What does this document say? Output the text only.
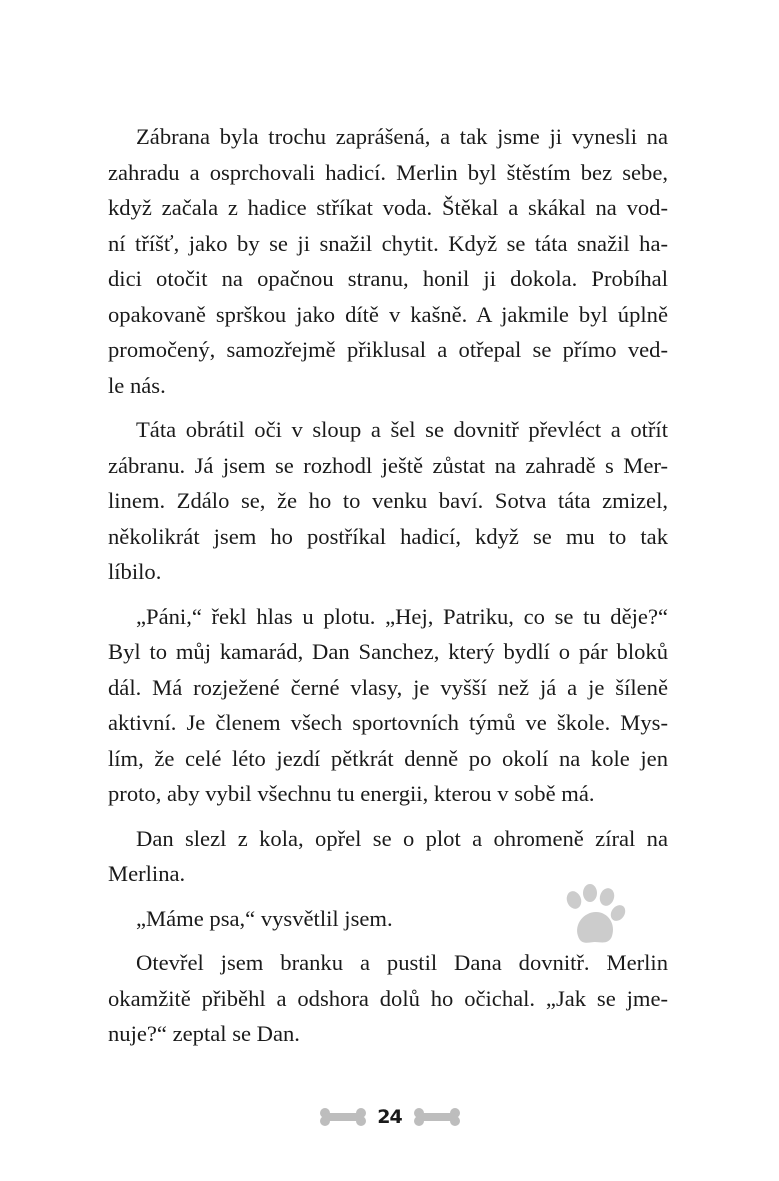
Zábrana byla trochu zaprášená, a tak jsme ji vynesli na
zahradu a osprchovali hadicí. Merlin byl štěstím bez sebe,
když začala z hadice stříkat voda. Štěkal a skákal na vod-
ní tříšť, jako by se ji snažil chytit. Když se táta snažil ha-
dici otočit na opačnou stranu, honil ji dokola. Probíhal
opakovaně sprškou jako dítě v kašně. A jakmile byl úplně
promočený, samozřejmě přiklusal a otřepal se přímo ved-
le nás.
Táta obrátil oči v sloup a šel se dovnitř převléct a otřít
zábranu. Já jsem se rozhodl ještě zůstat na zahradě s Mer-
linem. Zdálo se, že ho to venku baví. Sotva táta zmizel,
několikrát jsem ho postříkal hadicí, když se mu to tak
líbilo.
„Páni,“ řekl hlas u plotu. „Hej, Patriku, co se tu děje?“
Byl to můj kamarád, Dan Sanchez, který bydlí o pár bloků
dál. Má rozježené černé vlasy, je vyšší než já a je šíleně
aktivní. Je členem všech sportovních týmů ve škole. Mys-
lím, že celé léto jezdí pětkrát denně po okolí na kole jen
proto, aby vybil všechnu tu energii, kterou v sobě má.
Dan slezl z kola, opřel se o plot a ohromeně zíral na
Merlina.
„Máme psa,“ vysvětlil jsem.
Otevřel jsem branku a pustil Dana dovnitř. Merlin
okamžitě přiběhl a odshora dolů ho očichal. „Jak se jme-
nuje?“ zeptal se Dan.
24
